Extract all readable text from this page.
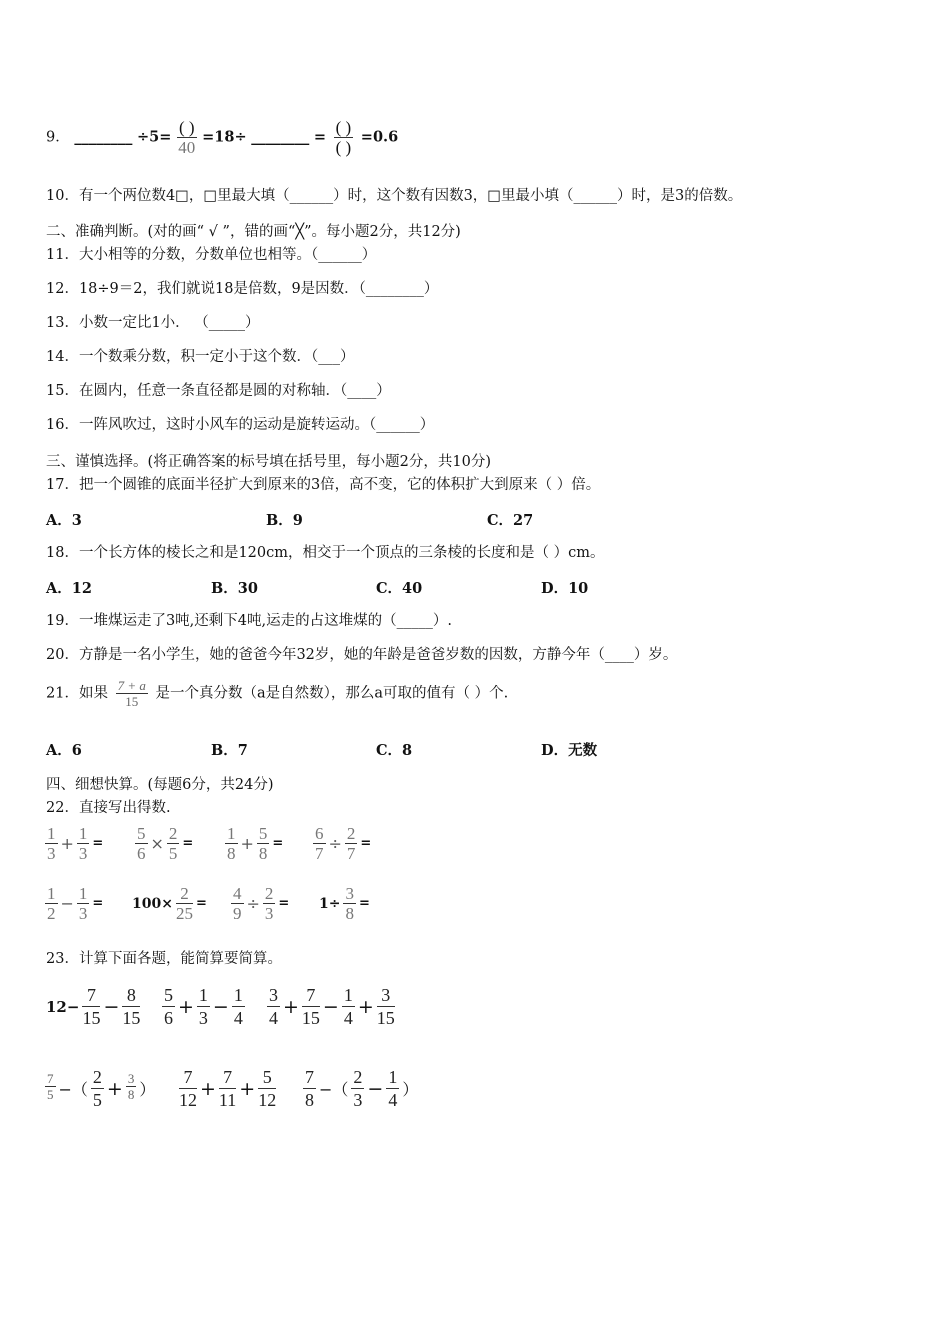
9． ________ $\div 5= \frac{( )}{40} =18\div$ ________ = $\frac{( )}{( )} =0.6$
10．有一个两位数4□，□里最大填（______）时，这个数有因数3，□里最小填（______）时，是3的倍数。
二、准确判断。(对的画“ √ ”，错的画“╳”。每小题2分，共12分)
11．大小相等的分数，分数单位也相等。（______）
12．18÷9＝2，我们就说18是倍数，9是因数．（________）
13．小数一定比1小． （_____）
14．一个数乘分数，积一定小于这个数．（___）
15．在圆内，任意一条直径都是圆的对称轴．（____）
16．一阵风吹过，这时小风车的运动是旋转运动。（______）
三、谨慎选择。(将正确答案的标号填在括号里，每小题2分，共10分)
17．把一个圆锥的底面半径扩大到原来的3倍，高不变，它的体积扩大到原来（ ）倍。
A．3	B．9	C．27
18．一个长方体的棱长之和是120cm，相交于一个顶点的三条棱的长度和是（ ）cm。
A．12	B．30	C．40	D．10
19．一堆煤运走了3吨,还剩下4吨,运走的占这堆煤的（_____）.
20．方静是一名小学生，她的爸爸今年32岁，她的年龄是爸爸岁数的因数，方静今年（____）岁。
21．如果 $\frac{7 + a}{15}$ 是一个真分数（a是自然数），那么a可取的值有（ ）个.
A．6	B．7	C．8	D．无数
四、细想快算。(每题6分，共24分)
22．直接写出得数.
$\frac{1}{3} + \frac{1}{3} = \frac{5}{6} \times \frac{2}{5} = \frac{1}{8} + \frac{5}{8} = \frac{6}{7} \div \frac{2}{7}$ =
$\frac{1}{2} - \frac{1}{3} = 100\times \frac{2}{25} = \frac{4}{9} \div \frac{2}{3} = 1\div \frac{3}{8}$ =
23．计算下面各题，能简算要简算。
$12- \frac{7}{15} - \frac{8}{15} \frac{5}{6} + \frac{1}{3} - \frac{1}{4} \frac{3}{4} + \frac{7}{15} - \frac{1}{4} + \frac{3}{15}$
$\frac{7}{5}$ −（ $\frac{2}{5} + \frac{3}{8}$ ） $\frac{7}{12} + \frac{7}{11} + \frac{5}{12} \frac{7}{8}$ −（ $\frac{2}{3} - \frac{1}{4}$ ）
